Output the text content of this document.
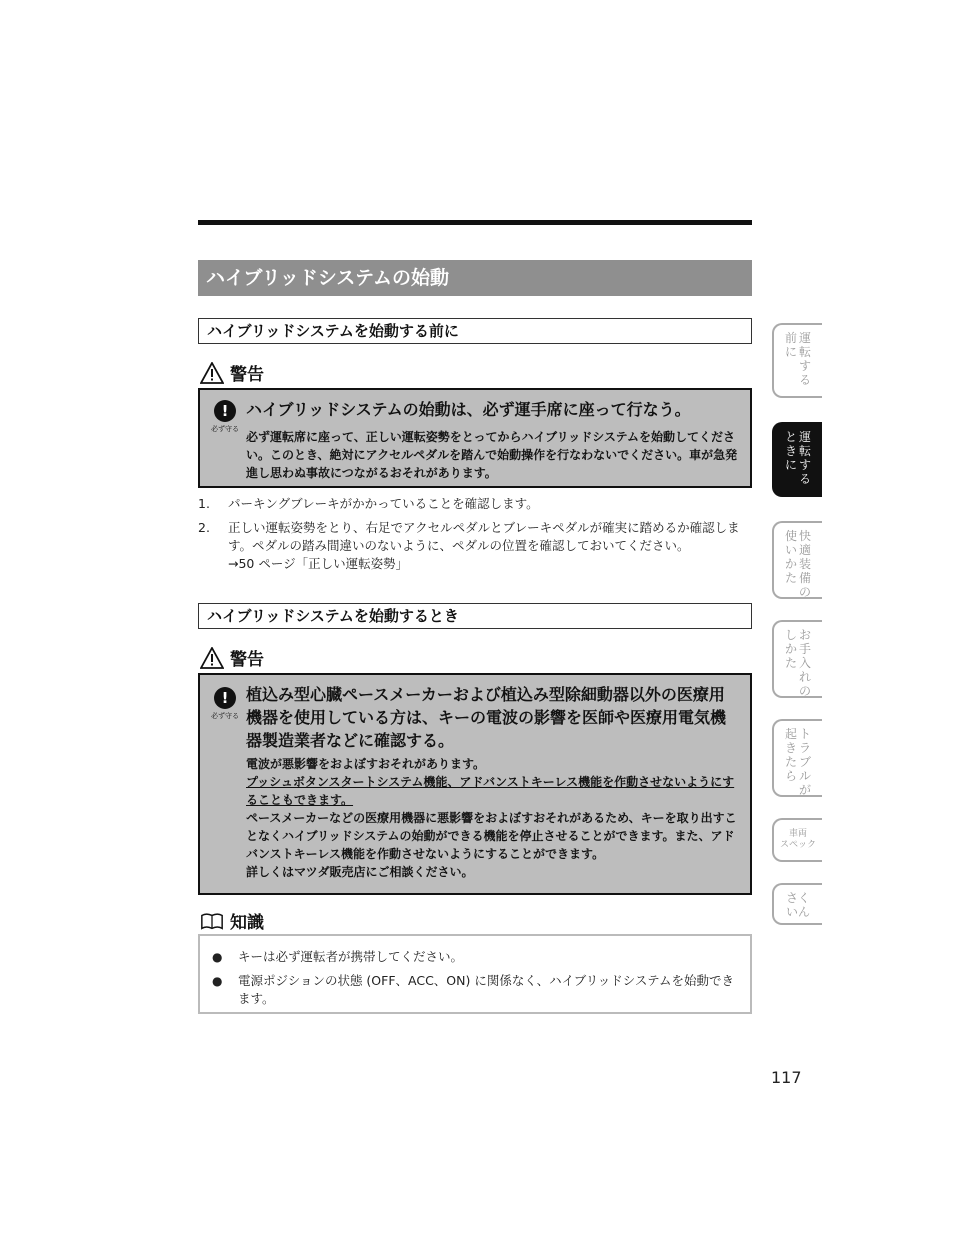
ハイブリッドシステムの始動
ハイブリッドシステムを始動する前に
警告
!
必ず守る
ハイブリッドシステムの始動は、必ず運手席に座って行なう。

必ず運転席に座って、正しい運転姿勢をとってからハイブリッドシステムを始動してください。このとき、絶対にアクセルペダルを踏んで始動操作を行なわないでください。車が急発進し思わぬ事故につながるおそれがあります。

1. パーキングブレーキがかかっていることを確認します。
2. 正しい運転姿勢をとり、右足でアクセルペダルとブレーキペダルが確実に踏めるか確認します。ペダルの踏み間違いのないように、ペダルの位置を確認しておいてください。
→50 ページ「正しい運転姿勢」
ハイブリッドシステムを始動するとき
警告
!
必ず守る
植込み型心臓ペースメーカーおよび植込み型除細動器以外の医療用機器を使用している方は、キーの電波の影響を医師や医療用電気機器製造業者などに確認する。

電波が悪影響をおよぼすおそれがあります。

プッシュボタンスタートシステム機能、アドバンストキーレス機能を作動させないようにすることもできます。

ペースメーカーなどの医療用機器に悪影響をおよぼすおそれがあるため、キーを取り出すことなくハイブリッドシステムの始動ができる機能を停止させることができます。また、アドバンストキーレス機能を作動させないようにすることができます。

詳しくはマツダ販売店にご相談ください。

知識
● キーは必ず運転者が携帯してください。
● 電源ポジションの状態 (OFF、ACC、ON) に関係なく、ハイブリッドシステムを始動できます。
117
前に運転する
ときに運転する
使いかた快適装備の
しかたお手入れの
起きたらトラブルが
車両
スペック
さく
いん
